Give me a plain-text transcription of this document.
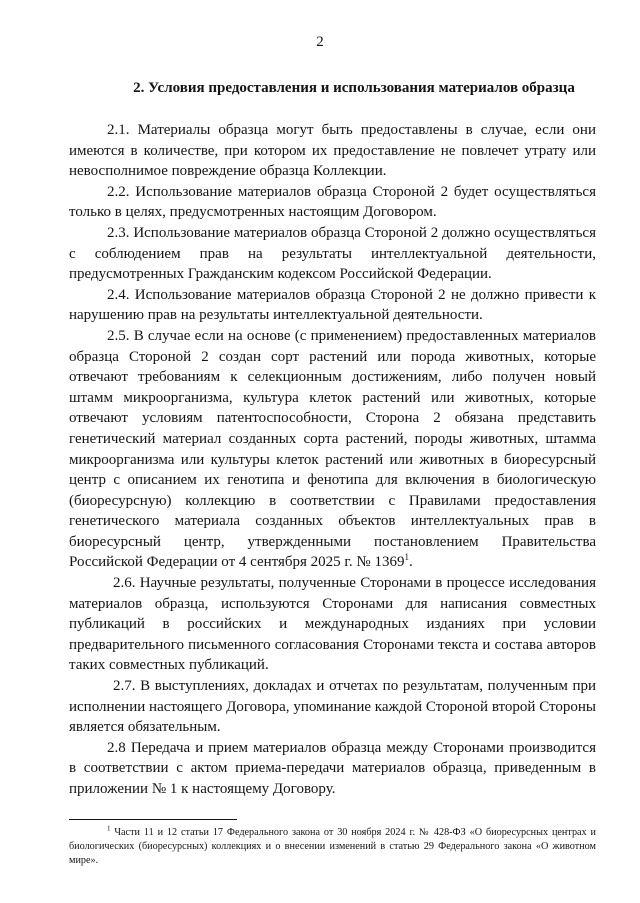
2
2. Условия предоставления и использования материалов образца

2.1. Материалы образца могут быть предоставлены в случае, если они имеются в количестве, при котором их предоставление не повлечет утрату или невосполнимое повреждение образца Коллекции.

2.2. Использование материалов образца Стороной 2 будет осуществляться только в целях, предусмотренных настоящим Договором.

2.3. Использование материалов образца Стороной 2 должно осуществляться с соблюдением прав на результаты интеллектуальной деятельности, предусмотренных Гражданским кодексом Российской Федерации.

2.4. Использование материалов образца Стороной 2 не должно привести к нарушению прав на результаты интеллектуальной деятельности.

2.5. В случае если на основе (с применением) предоставленных материалов образца Стороной 2 создан сорт растений или порода животных, которые отвечают требованиям к селекционным достижениям, либо получен новый штамм микроорганизма, культура клеток растений или животных, которые отвечают условиям патентоспособности, Сторона 2 обязана представить генетический материал созданных сорта растений, породы животных, штамма микроорганизма или культуры клеток растений или животных в биоресурсный центр с описанием их генотипа и фенотипа для включения в биологическую (биоресурсную) коллекцию в соответствии с Правилами предоставления генетического материала созданных объектов интеллектуальных прав в биоресурсный центр, утвержденными постановлением Правительства Российской Федерации от 4 сентября 2025 г. № 1369$^1$.

2.6. Научные результаты, полученные Сторонами в процессе исследования материалов образца, используются Сторонами для написания совместных публикаций в российских и международных изданиях при условии предварительного письменного согласования Сторонами текста и состава авторов таких совместных публикаций.

2.7. В выступлениях, докладах и отчетах по результатам, полученным при исполнении настоящего Договора, упоминание каждой Стороной второй Стороны является обязательным.

2.8 Передача и прием материалов образца между Сторонами производится в соответствии с актом приема-передачи материалов образца, приведенным в приложении № 1 к настоящему Договору.

$^1$ Части 11 и 12 статьи 17 Федерального закона от 30 ноября 2024 г. № 428-ФЗ «О биоресурсных центрах и биологических (биоресурсных) коллекциях и о внесении изменений в статью 29 Федерального закона «О животном мире».
